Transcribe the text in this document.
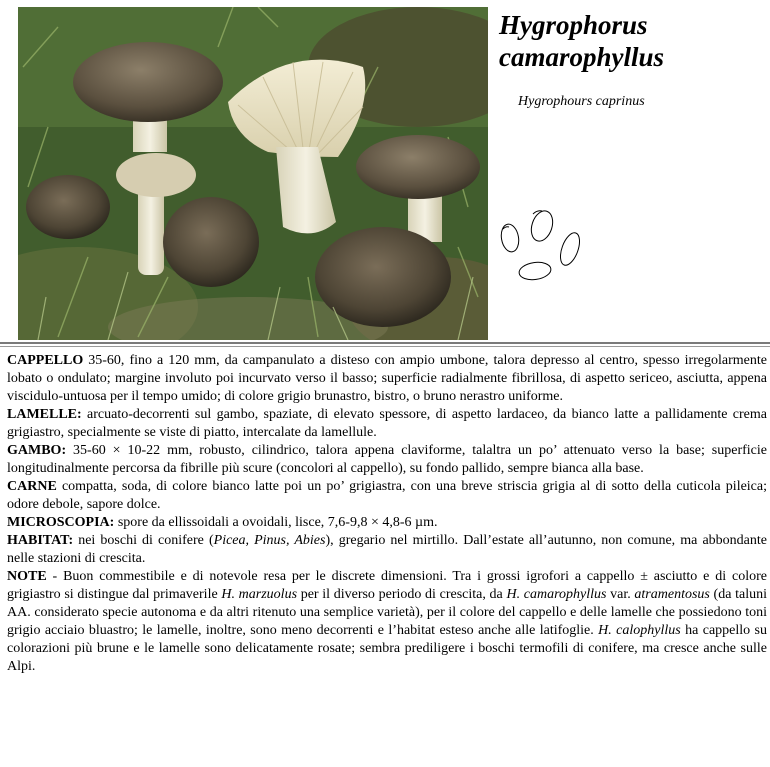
Hygrophorus
camarophyllus
Hygrophours caprinus

CAPPELLO 35-60, fino a 120 mm, da campanulato a disteso con ampio umbone, talora depresso al centro, spesso irregolarmente lobato o ondulato; margine involuto poi incurvato verso il basso; superficie radialmente fibrillosa, di aspetto sericeo, asciutta, appena viscidulo-untuosa per il tempo umido; di colore grigio brunastro, bistro, o bruno nerastro uniforme.

LAMELLE: arcuato-decorrenti sul gambo, spaziate, di elevato spessore, di aspetto lardaceo, da bianco latte a pallidamente crema grigiastro, specialmente se viste di piatto, intercalate da lamellule.

GAMBO: 35-60 × 10-22 mm, robusto, cilindrico, talora appena claviforme, talaltra un po’ attenuato verso la base; superficie longitudinalmente percorsa da fibrille più scure (concolori al cappello), su fondo pallido, sempre bianca alla base.

CARNE compatta, soda, di colore bianco latte poi un po’ grigiastra, con una breve striscia grigia al di sotto della cuticola pileica; odore debole, sapore dolce.

MICROSCOPIA: spore da ellissoidali a ovoidali, lisce, 7,6-9,8 × 4,8-6 µm.

HABITAT: nei boschi di conifere (Picea, Pinus, Abies), gregario nel mirtillo. Dall’estate all’autunno, non comune, ma abbondante nelle stazioni di crescita.

NOTE - Buon commestibile e di notevole resa per le discrete dimensioni. Tra i grossi igrofori a cappello ± asciutto e di colore grigiastro si distingue dal primaverile H. marzuolus per il diverso periodo di crescita, da H. camarophyllus var. atramentosus (da taluni AA. considerato specie autonoma e da altri ritenuto una semplice varietà), per il colore del cappello e delle lamelle che possiedono toni grigio acciaio bluastro; le lamelle, inoltre, sono meno decorrenti e l’habitat esteso anche alle latifoglie. H. calophyllus ha cappello su colorazioni più brune e le lamelle sono delicatamente rosate; sembra prediligere i boschi termofili di conifere, ma cresce anche sulle Alpi.
